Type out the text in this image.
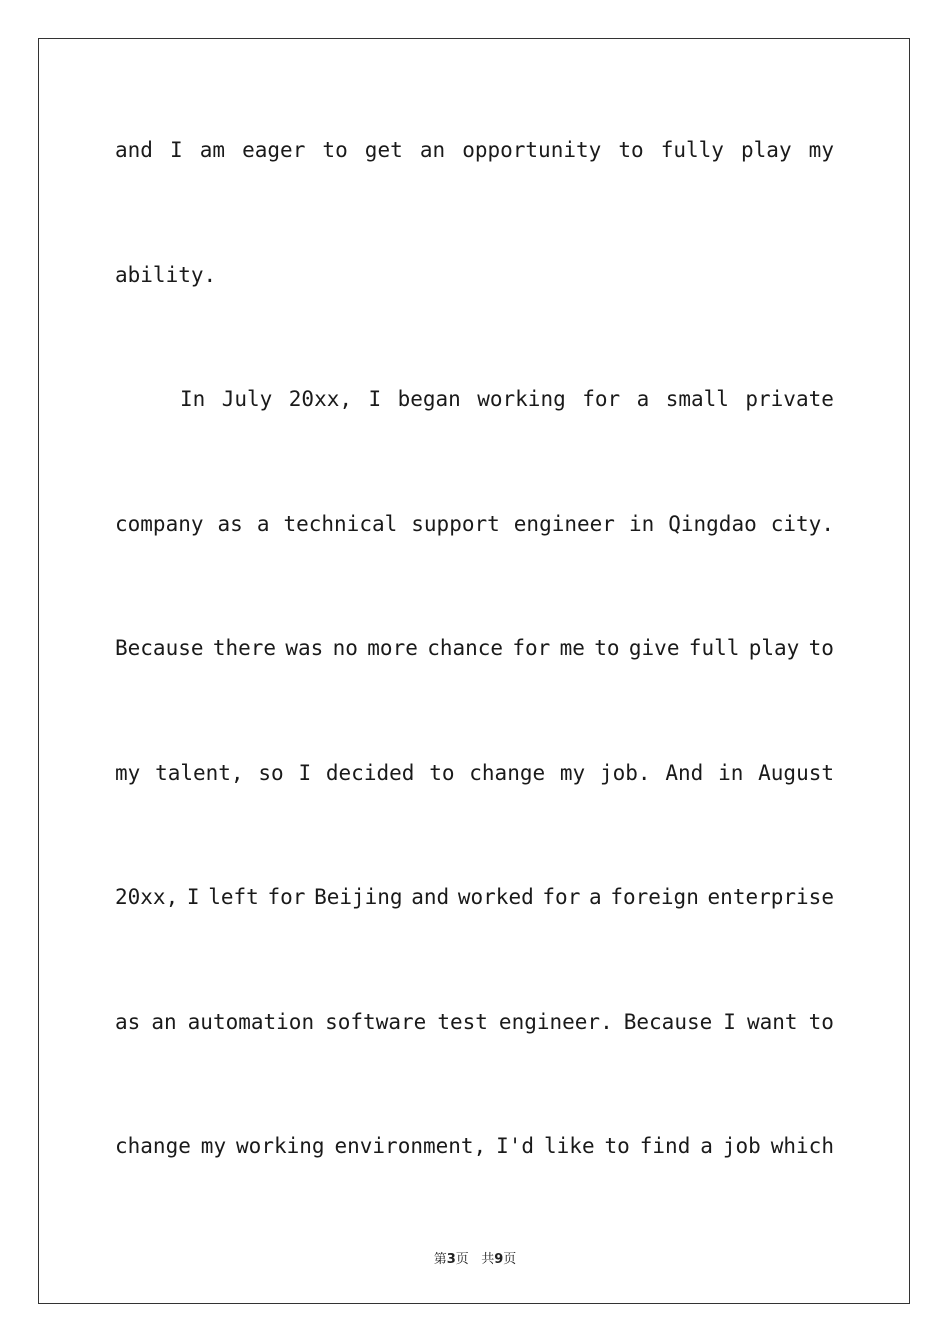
and I am eager to get an opportunity to fully play my
ability.
In July 20xx, I began working for a small private
company as a technical support engineer in Qingdao city.
Because there was no more chance for me to give full play to
my talent, so I decided to change my job. And in August
20xx, I left for Beijing and worked for a foreign enterprise
as an automation software test engineer. Because I want to
change my working environment, I'd like to find a job which
第3页 共9页
